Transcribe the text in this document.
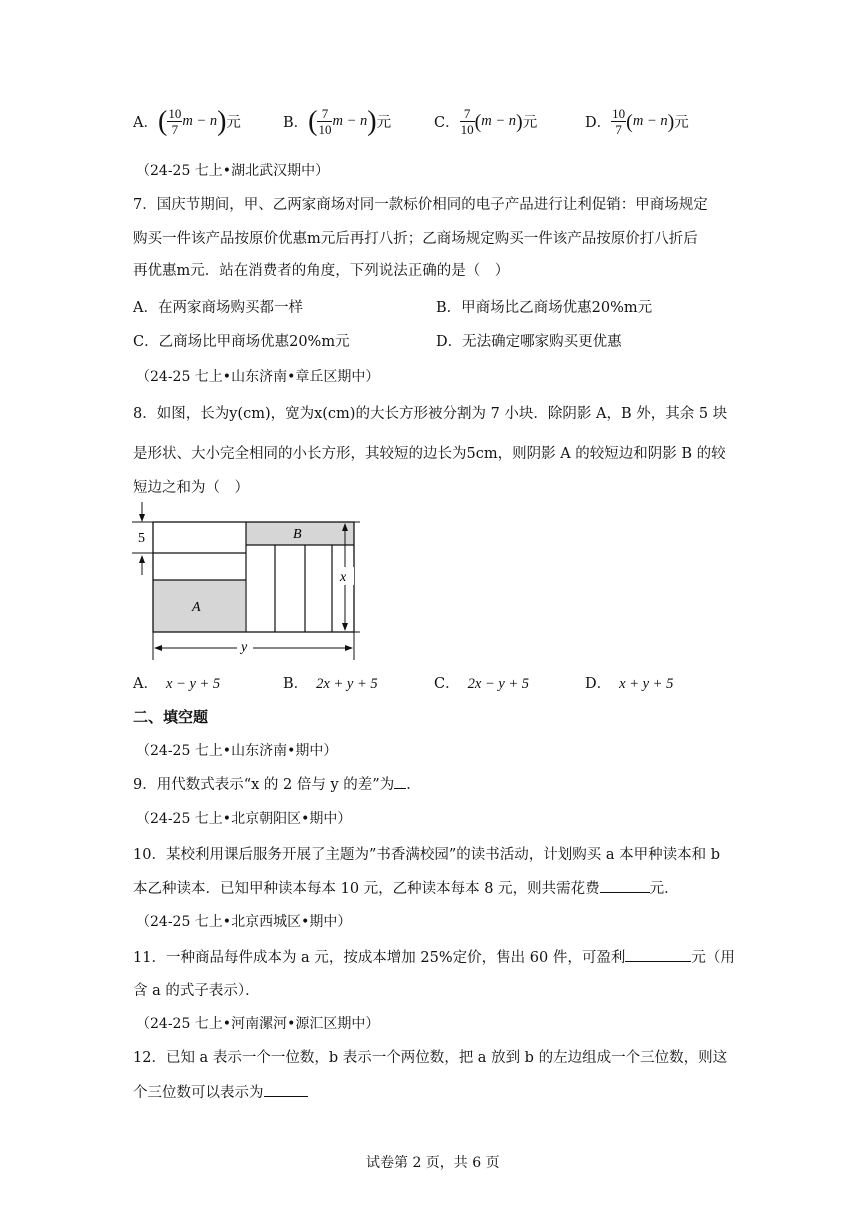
A． ( $\frac{10}{7}$ m − n ) 元	B． ( $\frac{7}{10}$ m − n ) 元	C． $\frac{7}{10}$ ( m − n ) 元	D． $\frac{10}{7}$ ( m − n ) 元
（24-25 七上•湖北武汉期中）
7．国庆节期间，甲、乙两家商场对同一款标价相同的电子产品进行让利促销：甲商场规定
购买一件该产品按原价优惠m元后再打八折；乙商场规定购买一件该产品按原价打八折后
再优惠m元．站在消费者的角度，下列说法正确的是（　）
A．在两家商场购买都一样	B．甲商场比乙商场优惠20%m元
C．乙商场比甲商场优惠20%m元	D．无法确定哪家购买更优惠
（24-25 七上•山东济南•章丘区期中）
8．如图，长为y(cm)，宽为x(cm)的大长方形被分割为 7 小块．除阴影 A，B 外，其余 5 块
是形状、大小完全相同的小长方形，其较短的边长为5cm，则阴影 A 的较短边和阴影 B 的较
短边之和为（　）
5
x
y
A
B
A． x − y + 5	B． 2x + y + 5	C． 2x − y + 5	D． x + y + 5
二、填空题
（24-25 七上•山东济南•期中）
9．用代数式表示“x 的 2 倍与 y 的差”为 ．
（24-25 七上•北京朝阳区•期中）
10．某校利用课后服务开展了主题为”书香满校园”的读书活动，计划购买 a 本甲种读本和 b
本乙种读本．已知甲种读本每本 10 元，乙种读本每本 8 元，则共需花费	元．
（24-25 七上•北京西城区•期中）
11．一种商品每件成本为 a 元，按成本增加 25%定价，售出 60 件，可盈利	元（用
含 a 的式子表示）．
（24-25 七上•河南漯河•源汇区期中）
12．已知 a 表示一个一位数，b 表示一个两位数，把 a 放到 b 的左边组成一个三位数，则这
个三位数可以表示为
试卷第 2 页，共 6 页
